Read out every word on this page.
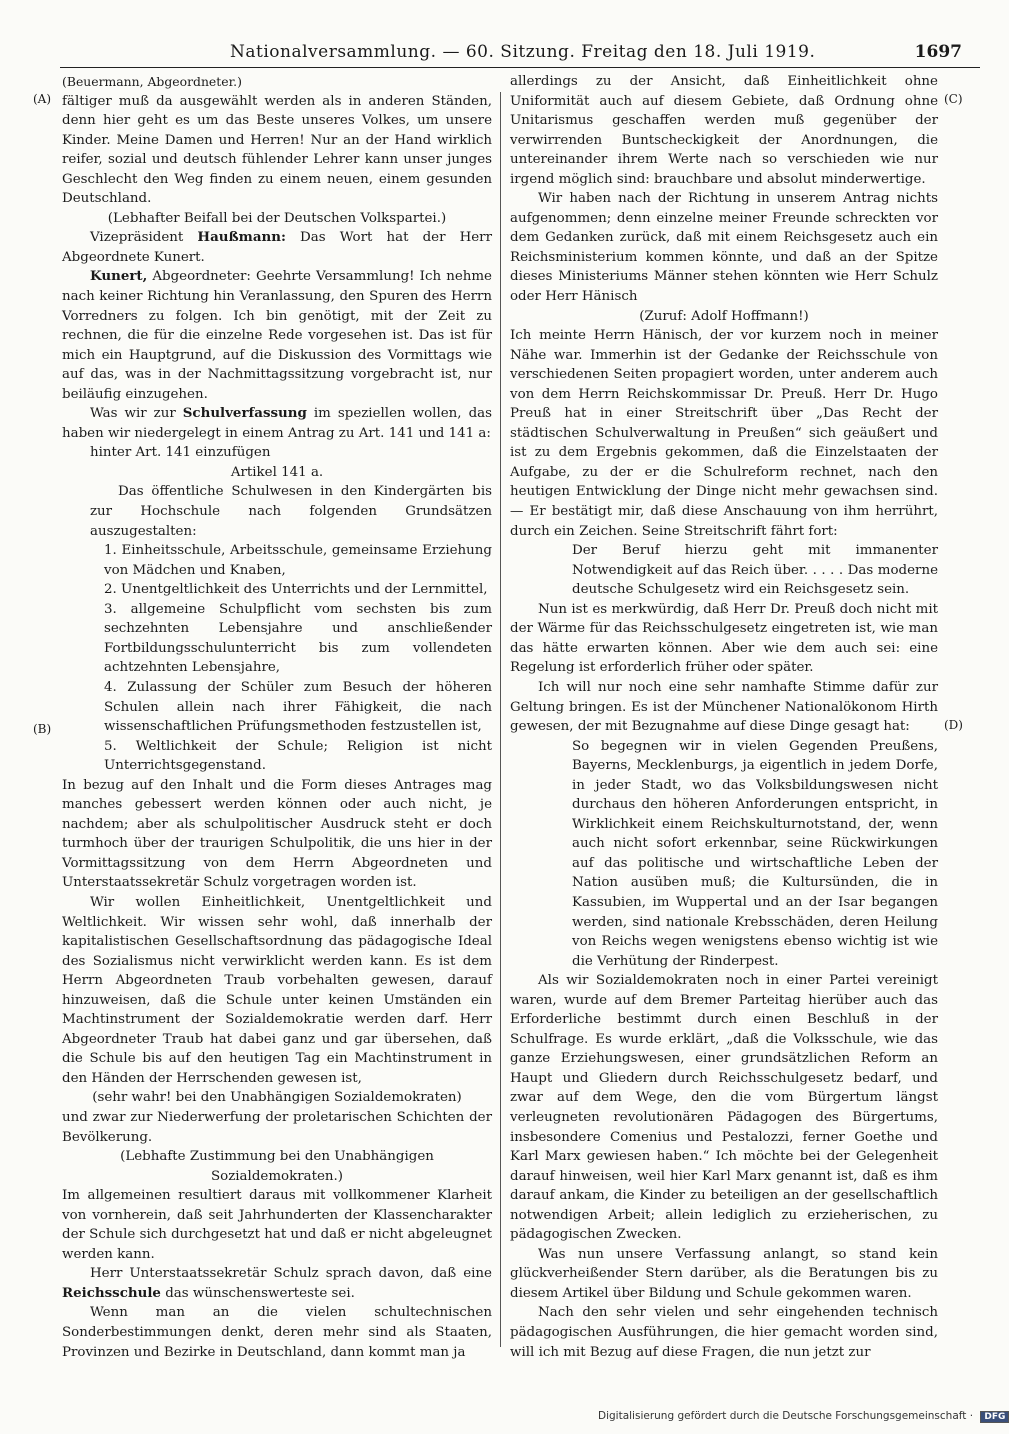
Nationalversammlung. — 60. Sitzung. Freitag den 18. Juli 1919.	1697
(A)
(B)
(C)
(D)

(Beuermann, Abgeordneter.)

fältiger muß da ausgewählt werden als in anderen Ständen, denn hier geht es um das Beste unseres Volkes, um unsere Kinder. Meine Damen und Herren! Nur an der Hand wirklich reifer, sozial und deutsch fühlender Lehrer kann unser junges Geschlecht den Weg finden zu einem neuen, einem gesunden Deutschland.

(Lebhafter Beifall bei der Deutschen Volkspartei.)

Vizepräsident Haußmann: Das Wort hat der Herr Abgeordnete Kunert.

Kunert, Abgeordneter: Geehrte Versammlung! Ich nehme nach keiner Richtung hin Veranlassung, den Spuren des Herrn Vorredners zu folgen. Ich bin genötigt, mit der Zeit zu rechnen, die für die einzelne Rede vorgesehen ist. Das ist für mich ein Hauptgrund, auf die Diskussion des Vormittags wie auf das, was in der Nachmittagssitzung vorgebracht ist, nur beiläufig einzugehen.

Was wir zur Schulverfassung im speziellen wollen, das haben wir niedergelegt in einem Antrag zu Art. 141 und 141 a:

hinter Art. 141 einzufügen

Artikel 141 a.

Das öffentliche Schulwesen in den Kindergärten bis zur Hochschule nach folgenden Grundsätzen auszugestalten:

1. Einheitsschule, Arbeitsschule, gemeinsame Erziehung von Mädchen und Knaben,
2. Unentgeltlichkeit des Unterrichts und der Lernmittel,
3. allgemeine Schulpflicht vom sechsten bis zum sechzehnten Lebensjahre und anschließender Fortbildungsschulunterricht bis zum vollendeten achtzehnten Lebensjahre,
4. Zulassung der Schüler zum Besuch der höheren Schulen allein nach ihrer Fähigkeit, die nach wissenschaftlichen Prüfungsmethoden festzustellen ist,
5. Weltlichkeit der Schule; Religion ist nicht Unterrichtsgegenstand.

In bezug auf den Inhalt und die Form dieses Antrages mag manches gebessert werden können oder auch nicht, je nachdem; aber als schulpolitischer Ausdruck steht er doch turmhoch über der traurigen Schulpolitik, die uns hier in der Vormittagssitzung von dem Herrn Abgeordneten und Unterstaatssekretär Schulz vorgetragen worden ist.

Wir wollen Einheitlichkeit, Unentgeltlichkeit und Weltlichkeit. Wir wissen sehr wohl, daß innerhalb der kapitalistischen Gesellschaftsordnung das pädagogische Ideal des Sozialismus nicht verwirklicht werden kann. Es ist dem Herrn Abgeordneten Traub vorbehalten gewesen, darauf hinzuweisen, daß die Schule unter keinen Umständen ein Machtinstrument der Sozialdemokratie werden darf. Herr Abgeordneter Traub hat dabei ganz und gar übersehen, daß die Schule bis auf den heutigen Tag ein Machtinstrument in den Händen der Herrschenden gewesen ist,

(sehr wahr! bei den Unabhängigen Sozialdemokraten)

und zwar zur Niederwerfung der proletarischen Schichten der Bevölkerung.

(Lebhafte Zustimmung bei den Unabhängigen Sozialdemokraten.)

Im allgemeinen resultiert daraus mit vollkommener Klarheit von vornherein, daß seit Jahrhunderten der Klassencharakter der Schule sich durchgesetzt hat und daß er nicht abgeleugnet werden kann.

Herr Unterstaatssekretär Schulz sprach davon, daß eine Reichsschule das wünschenswerteste sei.

Wenn man an die vielen schultechnischen Sonderbestimmungen denkt, deren mehr sind als Staaten, Provinzen und Bezirke in Deutschland, dann kommt man ja

allerdings zu der Ansicht, daß Einheitlichkeit ohne Uniformität auch auf diesem Gebiete, daß Ordnung ohne Unitarismus geschaffen werden muß gegenüber der verwirrenden Buntscheckigkeit der Anordnungen, die untereinander ihrem Werte nach so verschieden wie nur irgend möglich sind: brauchbare und absolut minderwertige.

Wir haben nach der Richtung in unserem Antrag nichts aufgenommen; denn einzelne meiner Freunde schreckten vor dem Gedanken zurück, daß mit einem Reichsgesetz auch ein Reichsministerium kommen könnte, und daß an der Spitze dieses Ministeriums Männer stehen könnten wie Herr Schulz oder Herr Hänisch

(Zuruf: Adolf Hoffmann!)

Ich meinte Herrn Hänisch, der vor kurzem noch in meiner Nähe war. Immerhin ist der Gedanke der Reichsschule von verschiedenen Seiten propagiert worden, unter anderem auch von dem Herrn Reichskommissar Dr. Preuß. Herr Dr. Hugo Preuß hat in einer Streitschrift über „Das Recht der städtischen Schulverwaltung in Preußen“ sich geäußert und ist zu dem Ergebnis gekommen, daß die Einzelstaaten der Aufgabe, zu der er die Schulreform rechnet, nach den heutigen Entwicklung der Dinge nicht mehr gewachsen sind. — Er bestätigt mir, daß diese Anschauung von ihm herrührt, durch ein Zeichen. Seine Streitschrift fährt fort:

Der Beruf hierzu geht mit immanenter Notwendigkeit auf das Reich über. . . . . Das moderne deutsche Schulgesetz wird ein Reichsgesetz sein.

Nun ist es merkwürdig, daß Herr Dr. Preuß doch nicht mit der Wärme für das Reichsschulgesetz eingetreten ist, wie man das hätte erwarten können. Aber wie dem auch sei: eine Regelung ist erforderlich früher oder später.

Ich will nur noch eine sehr namhafte Stimme dafür zur Geltung bringen. Es ist der Münchener Nationalökonom Hirth gewesen, der mit Bezugnahme auf diese Dinge gesagt hat:

So begegnen wir in vielen Gegenden Preußens, Bayerns, Mecklenburgs, ja eigentlich in jedem Dorfe, in jeder Stadt, wo das Volksbildungswesen nicht durchaus den höheren Anforderungen entspricht, in Wirklichkeit einem Reichskulturnotstand, der, wenn auch nicht sofort erkennbar, seine Rückwirkungen auf das politische und wirtschaftliche Leben der Nation ausüben muß; die Kultursünden, die in Kassubien, im Wuppertal und an der Isar begangen werden, sind nationale Krebsschäden, deren Heilung von Reichs wegen wenigstens ebenso wichtig ist wie die Verhütung der Rinderpest.

Als wir Sozialdemokraten noch in einer Partei vereinigt waren, wurde auf dem Bremer Parteitag hierüber auch das Erforderliche bestimmt durch einen Beschluß in der Schulfrage. Es wurde erklärt, „daß die Volksschule, wie das ganze Erziehungswesen, einer grundsätzlichen Reform an Haupt und Gliedern durch Reichsschulgesetz bedarf, und zwar auf dem Wege, den die vom Bürgertum längst verleugneten revolutionären Pädagogen des Bürgertums, insbesondere Comenius und Pestalozzi, ferner Goethe und Karl Marx gewiesen haben.“ Ich möchte bei der Gelegenheit darauf hinweisen, weil hier Karl Marx genannt ist, daß es ihm darauf ankam, die Kinder zu beteiligen an der gesellschaftlich notwendigen Arbeit; allein lediglich zu erzieherischen, zu pädagogischen Zwecken.

Was nun unsere Verfassung anlangt, so stand kein glückverheißender Stern darüber, als die Beratungen bis zu diesem Artikel über Bildung und Schule gekommen waren.

Nach den sehr vielen und sehr eingehenden technisch pädagogischen Ausführungen, die hier gemacht worden sind, will ich mit Bezug auf diese Fragen, die nun jetzt zur

Digitalisierung gefördert durch die Deutsche Forschungsgemeinschaft · DFG
